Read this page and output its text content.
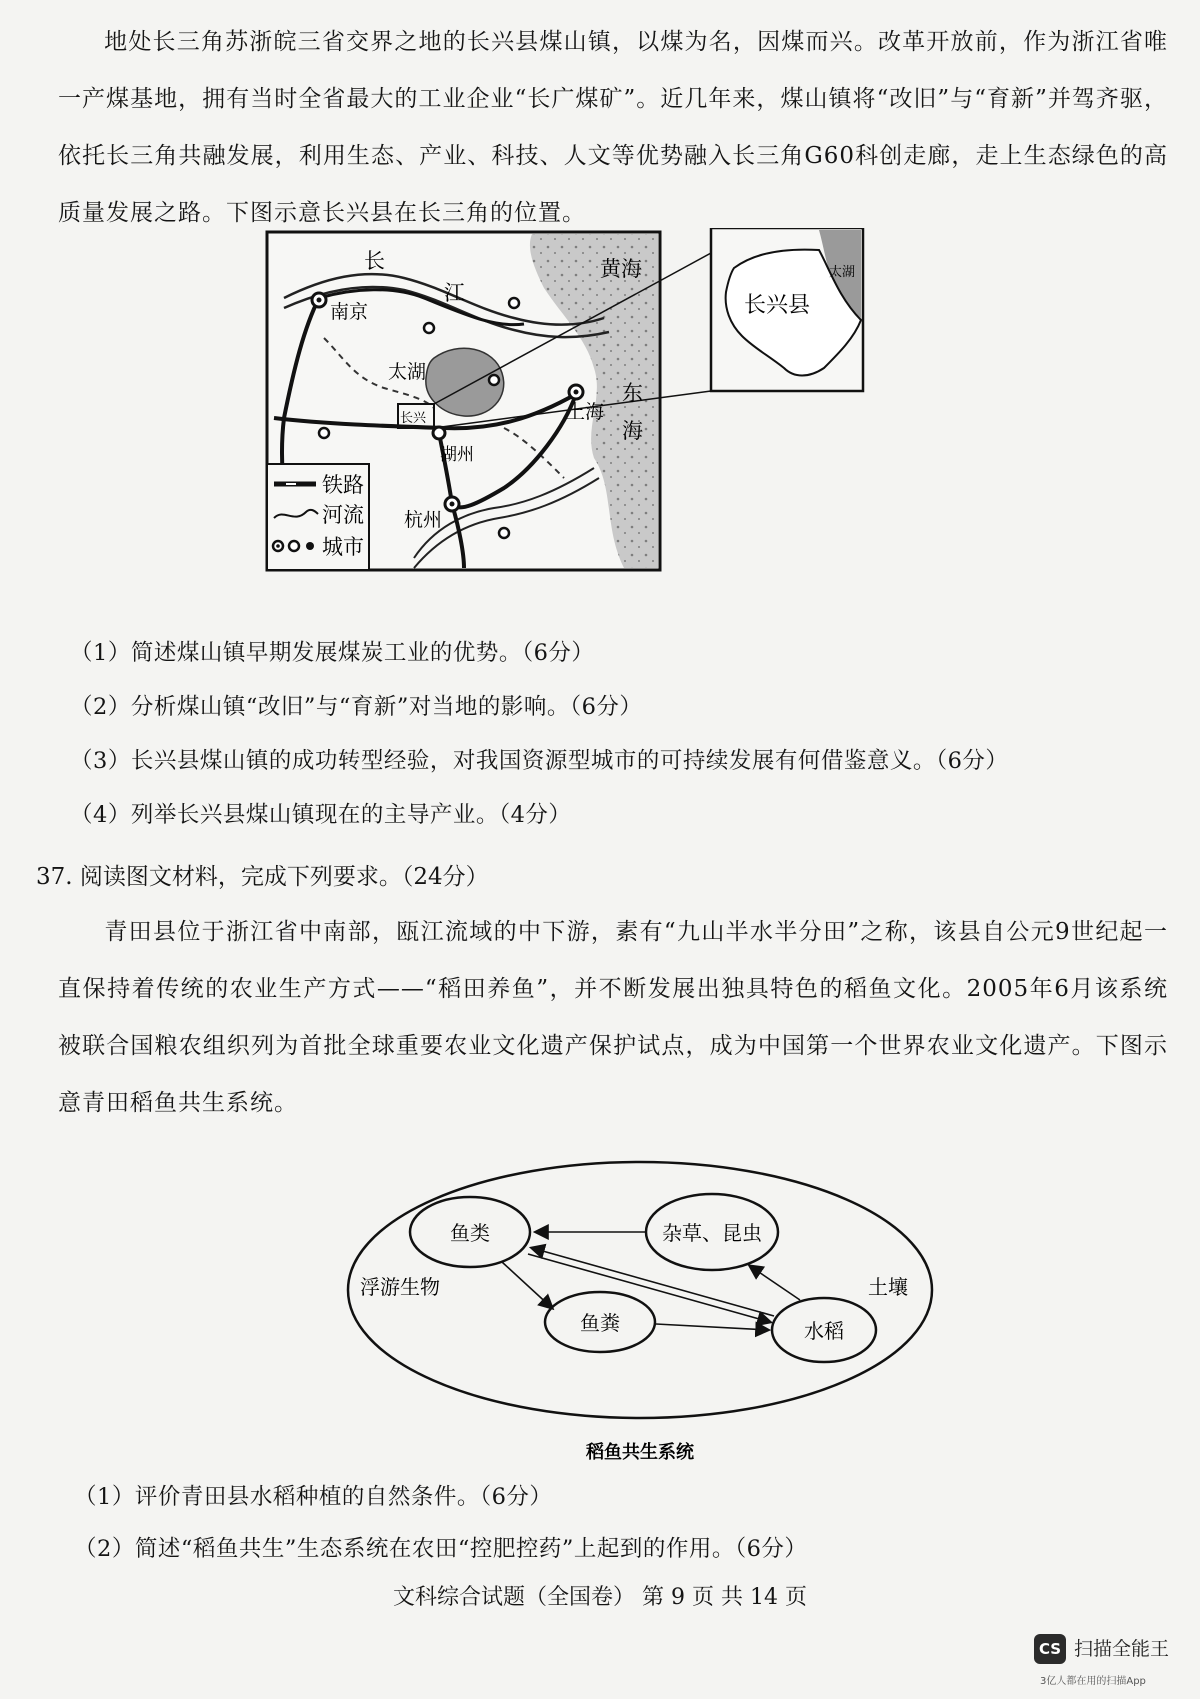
地处长三角苏浙皖三省交界之地的长兴县煤山镇，以煤为名，因煤而兴。改革开放前，作为浙江省唯一产煤基地，拥有当时全省最大的工业企业“长广煤矿”。近几年来，煤山镇将“改旧”与“育新”并驾齐驱，依托长三角共融发展，利用生态、产业、科技、人文等优势融入长三角G60科创走廊，走上生态绿色的高质量发展之路。下图示意长兴县在长三角的位置。

铁路
河流
城市
长
江
黄海
南京
太湖
长兴	上海
东
海
湖州
杭州
长兴县
太湖
（1）简述煤山镇早期发展煤炭工业的优势。（6分）
（2）分析煤山镇“改旧”与“育新”对当地的影响。（6分）
（3）长兴县煤山镇的成功转型经验，对我国资源型城市的可持续发展有何借鉴意义。（6分）
（4）列举长兴县煤山镇现在的主导产业。（4分）
37. 阅读图文材料，完成下列要求。（24分）

青田县位于浙江省中南部，瓯江流域的中下游，素有“九山半水半分田”之称，该县自公元9世纪起一直保持着传统的农业生产方式——“稻田养鱼”，并不断发展出独具特色的稻鱼文化。2005年6月该系统被联合国粮农组织列为首批全球重要农业文化遗产保护试点，成为中国第一个世界农业文化遗产。下图示意青田稻鱼共生系统。

鱼类	杂草、昆虫
鱼粪	水稻
浮游生物	土壤
稻鱼共生系统
（1）评价青田县水稻种植的自然条件。（6分）
（2）简述“稻鱼共生”生态系统在农田“控肥控药”上起到的作用。（6分）
文科综合试题（全国卷） 第 9 页 共 14 页
CS 扫描全能王
3亿人都在用的扫描App
